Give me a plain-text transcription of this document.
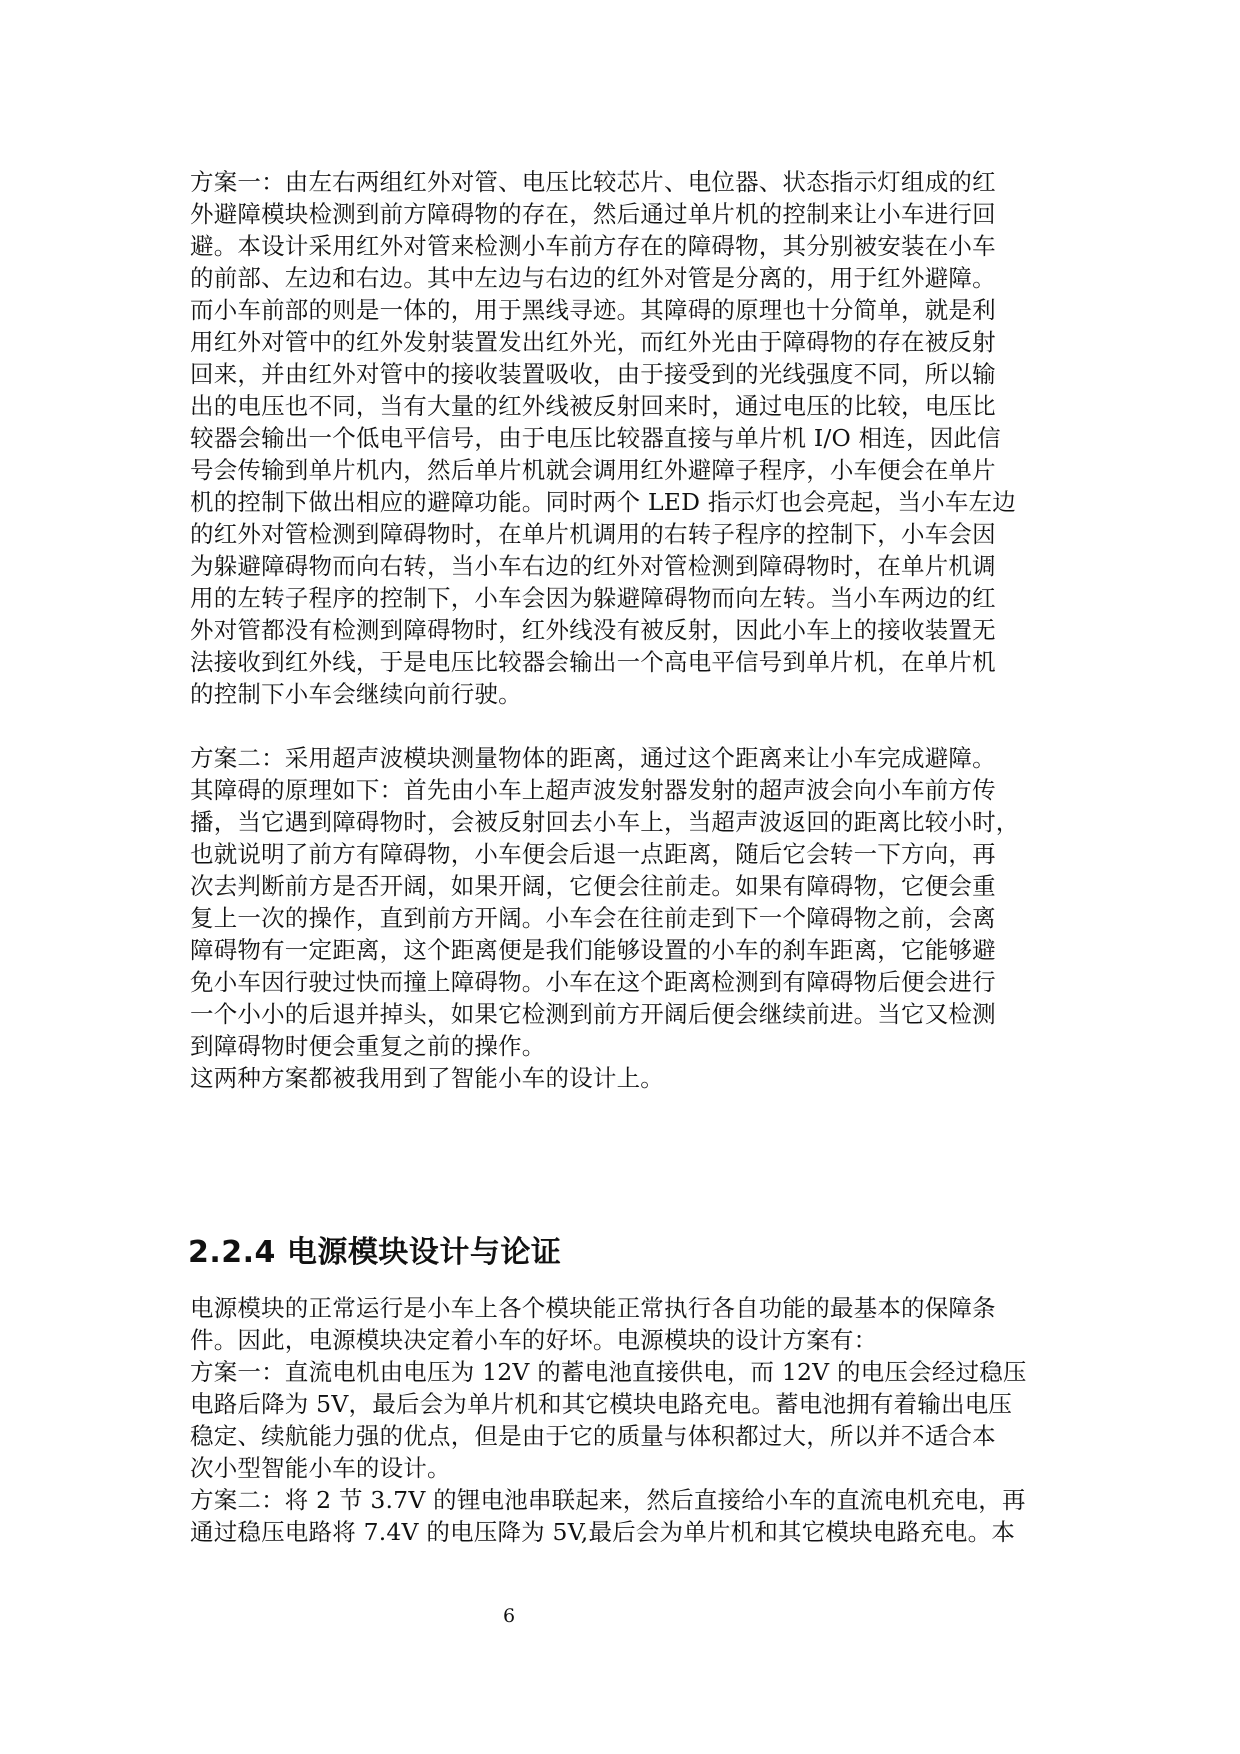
方案一：由左右两组红外对管、电压比较芯片、电位器、状态指示灯组成的红
外避障模块检测到前方障碍物的存在，然后通过单片机的控制来让小车进行回
避。本设计采用红外对管来检测小车前方存在的障碍物，其分别被安装在小车
的前部、左边和右边。其中左边与右边的红外对管是分离的，用于红外避障。
而小车前部的则是一体的，用于黑线寻迹。其障碍的原理也十分简单，就是利
用红外对管中的红外发射装置发出红外光，而红外光由于障碍物的存在被反射
回来，并由红外对管中的接收装置吸收，由于接受到的光线强度不同，所以输
出的电压也不同，当有大量的红外线被反射回来时，通过电压的比较，电压比
较器会输出一个低电平信号，由于电压比较器直接与单片机 I/O 相连，因此信
号会传输到单片机内，然后单片机就会调用红外避障子程序，小车便会在单片
机的控制下做出相应的避障功能。同时两个 LED 指示灯也会亮起，当小车左边
的红外对管检测到障碍物时，在单片机调用的右转子程序的控制下，小车会因
为躲避障碍物而向右转，当小车右边的红外对管检测到障碍物时，在单片机调
用的左转子程序的控制下，小车会因为躲避障碍物而向左转。当小车两边的红
外对管都没有检测到障碍物时，红外线没有被反射，因此小车上的接收装置无
法接收到红外线，于是电压比较器会输出一个高电平信号到单片机，在单片机
的控制下小车会继续向前行驶。
方案二：采用超声波模块测量物体的距离，通过这个距离来让小车完成避障。
其障碍的原理如下：首先由小车上超声波发射器发射的超声波会向小车前方传
播，当它遇到障碍物时，会被反射回去小车上，当超声波返回的距离比较小时，
也就说明了前方有障碍物，小车便会后退一点距离，随后它会转一下方向，再
次去判断前方是否开阔，如果开阔，它便会往前走。如果有障碍物，它便会重
复上一次的操作，直到前方开阔。小车会在往前走到下一个障碍物之前，会离
障碍物有一定距离，这个距离便是我们能够设置的小车的刹车距离，它能够避
免小车因行驶过快而撞上障碍物。小车在这个距离检测到有障碍物后便会进行
一个小小的后退并掉头，如果它检测到前方开阔后便会继续前进。当它又检测
到障碍物时便会重复之前的操作。
这两种方案都被我用到了智能小车的设计上。
2.2.4 电源模块设计与论证
电源模块的正常运行是小车上各个模块能正常执行各自功能的最基本的保障条
件。因此，电源模块决定着小车的好坏。电源模块的设计方案有：
方案一：直流电机由电压为 12V 的蓄电池直接供电，而 12V 的电压会经过稳压
电路后降为 5V，最后会为单片机和其它模块电路充电。蓄电池拥有着输出电压
稳定、续航能力强的优点，但是由于它的质量与体积都过大，所以并不适合本
次小型智能小车的设计。
方案二：将 2 节 3.7V 的锂电池串联起来，然后直接给小车的直流电机充电，再
通过稳压电路将 7.4V 的电压降为 5V,最后会为单片机和其它模块电路充电。本
6
